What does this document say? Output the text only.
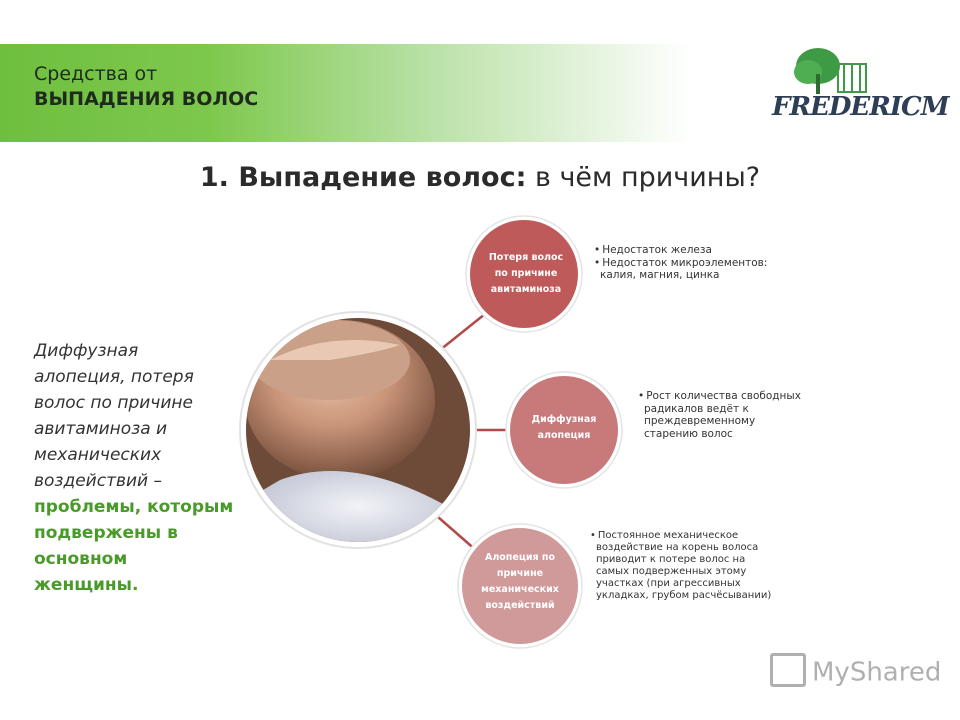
Средства от
ВЫПАДЕНИЯ ВОЛОС	FREDERICM
1. Выпадение волос: в чём причины?
Диффузная алопеция, потеря волос по причине авитаминоза и механических воздействий – проблемы, которым подвержены в основном женщины.
Потеря волос по причине авитаминоза
Диффузная алопеция
Алопеция по причине механических воздействий
• Недостаток железа
• Недостаток микроэлементов: калия, магния, цинка
• Рост количества свободных радикалов ведёт к преждевременному старению волос
• Постоянное механическое воздействие на корень волоса приводит к потере волос на самых подверженных этому участках (при агрессивных укладках, грубом расчёсывании)
MyShared
